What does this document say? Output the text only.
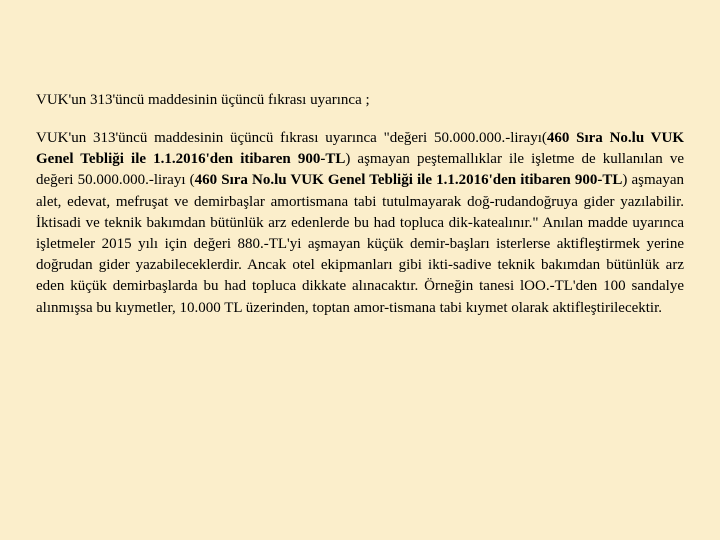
VUK'un 313'üncü maddesinin üçüncü fıkrası uyarınca ;
VUK'un 313'üncü maddesinin üçüncü fıkrası uyarınca "değeri 50.000.000.-lirayı(460 Sıra No.lu VUK Genel Tebliği ile 1.1.2016'den itibaren 900-TL) aşmayan peştemallıklar ile işletme de kullanılan ve değeri 50.000.000.-lirayı (460 Sıra No.lu VUK Genel Tebliği ile 1.1.2016'den itibaren 900-TL) aşmayan alet, edevat, mefruşat ve demirbaşlar amortismana tabi tutulmayarak doğ-rudandoğruya gider yazılabilir. İktisadi ve teknik bakımdan bütünlük arz edenlerde bu had topluca dik-katealınır." Anılan madde uyarınca işletmeler 2015 yılı için değeri 880.-TL'yi aşmayan küçük demir-başları isterlerse aktifleştirmek yerine doğrudan gider yazabileceklerdir. Ancak otel ekipmanları gibi ikti-sadive teknik bakımdan bütünlük arz eden küçük demirbaşlarda bu had topluca dikkate alınacaktır. Örneğin tanesi lOO.-TL'den 100 sandalye alınmışsa bu kıymetler, 10.000 TL üzerinden, toptan amor-tismana tabi kıymet olarak aktifleştirilecektir.
